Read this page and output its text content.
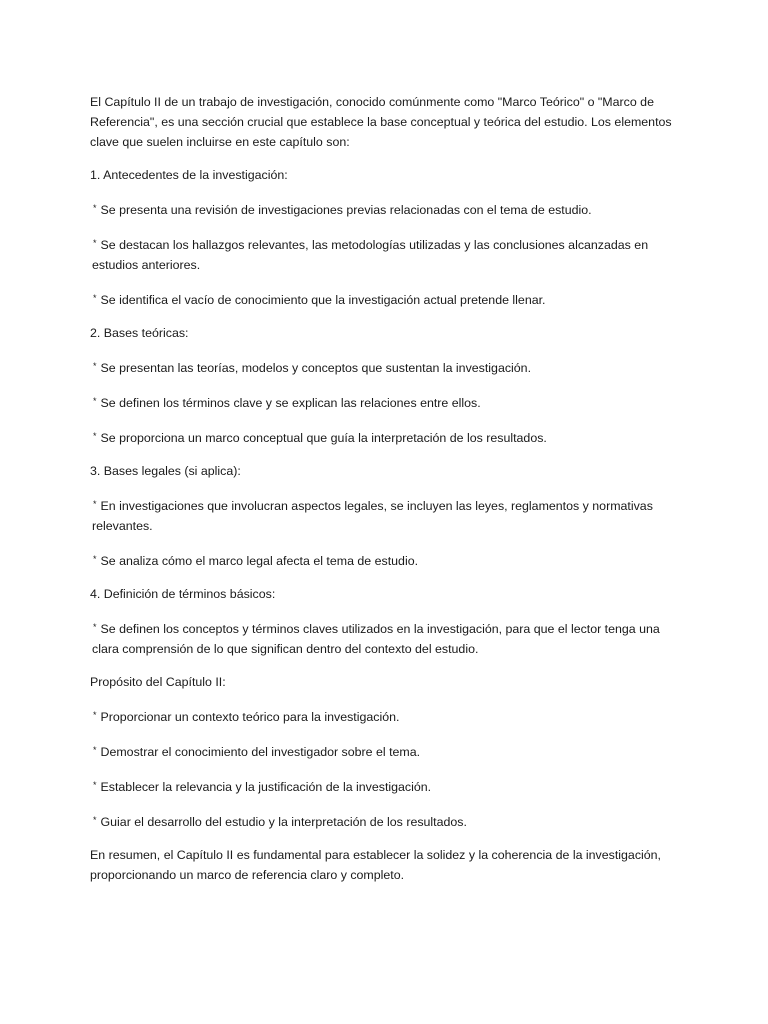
El Capítulo II de un trabajo de investigación, conocido comúnmente como "Marco Teórico" o "Marco de Referencia", es una sección crucial que establece la base conceptual y teórica del estudio. Los elementos clave que suelen incluirse en este capítulo son:

1. Antecedentes de la investigación:

* Se presenta una revisión de investigaciones previas relacionadas con el tema de estudio.

* Se destacan los hallazgos relevantes, las metodologías utilizadas y las conclusiones alcanzadas en estudios anteriores.

* Se identifica el vacío de conocimiento que la investigación actual pretende llenar.

2. Bases teóricas:

* Se presentan las teorías, modelos y conceptos que sustentan la investigación.

* Se definen los términos clave y se explican las relaciones entre ellos.

* Se proporciona un marco conceptual que guía la interpretación de los resultados.

3. Bases legales (si aplica):

* En investigaciones que involucran aspectos legales, se incluyen las leyes, reglamentos y normativas relevantes.

* Se analiza cómo el marco legal afecta el tema de estudio.

4. Definición de términos básicos:

* Se definen los conceptos y términos claves utilizados en la investigación, para que el lector tenga una clara comprensión de lo que significan dentro del contexto del estudio.

Propósito del Capítulo II:

* Proporcionar un contexto teórico para la investigación.

* Demostrar el conocimiento del investigador sobre el tema.

* Establecer la relevancia y la justificación de la investigación.

* Guiar el desarrollo del estudio y la interpretación de los resultados.

En resumen, el Capítulo II es fundamental para establecer la solidez y la coherencia de la investigación, proporcionando un marco de referencia claro y completo.
